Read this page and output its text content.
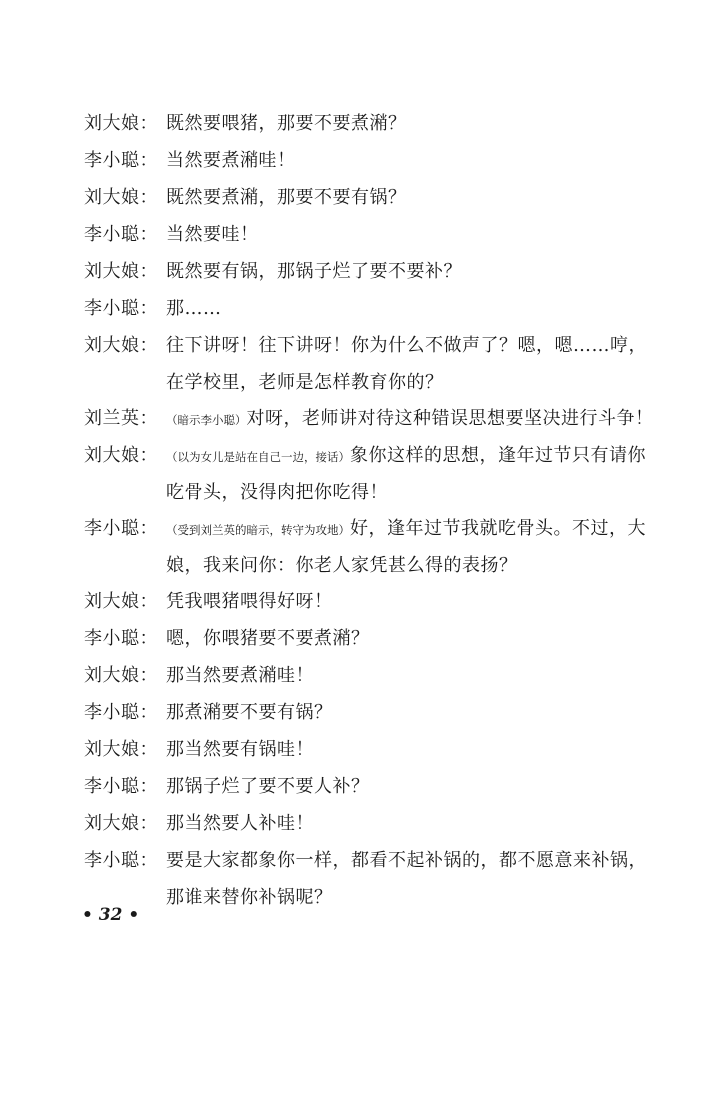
刘大娘： 既然要喂猪，那要不要煮潲？
李小聪： 当然要煮潲哇！
刘大娘： 既然要煮潲，那要不要有锅？
李小聪： 当然要哇！
刘大娘： 既然要有锅，那锅子烂了要不要补？
李小聪： 那……
刘大娘： 往下讲呀！往下讲呀！你为什么不做声了？嗯，嗯……哼，在学校里，老师是怎样教育你的？
刘兰英： （暗示李小聪）对呀，老师讲对待这种错误思想要坚决进行斗争！
刘大娘： （以为女儿是站在自己一边，接话）象你这样的思想，逢年过节只有请你吃骨头，没得肉把你吃得！
李小聪： （受到刘兰英的暗示，转守为攻地）好，逢年过节我就吃骨头。不过，大娘，我来问你：你老人家凭甚么得的表扬？
刘大娘： 凭我喂猪喂得好呀！
李小聪： 嗯，你喂猪要不要煮潲？
刘大娘： 那当然要煮潲哇！
李小聪： 那煮潲要不要有锅？
刘大娘： 那当然要有锅哇！
李小聪： 那锅子烂了要不要人补？
刘大娘： 那当然要人补哇！
李小聪： 要是大家都象你一样，都看不起补锅的，都不愿意来补锅，那谁来替你补锅呢？
• 32 •
